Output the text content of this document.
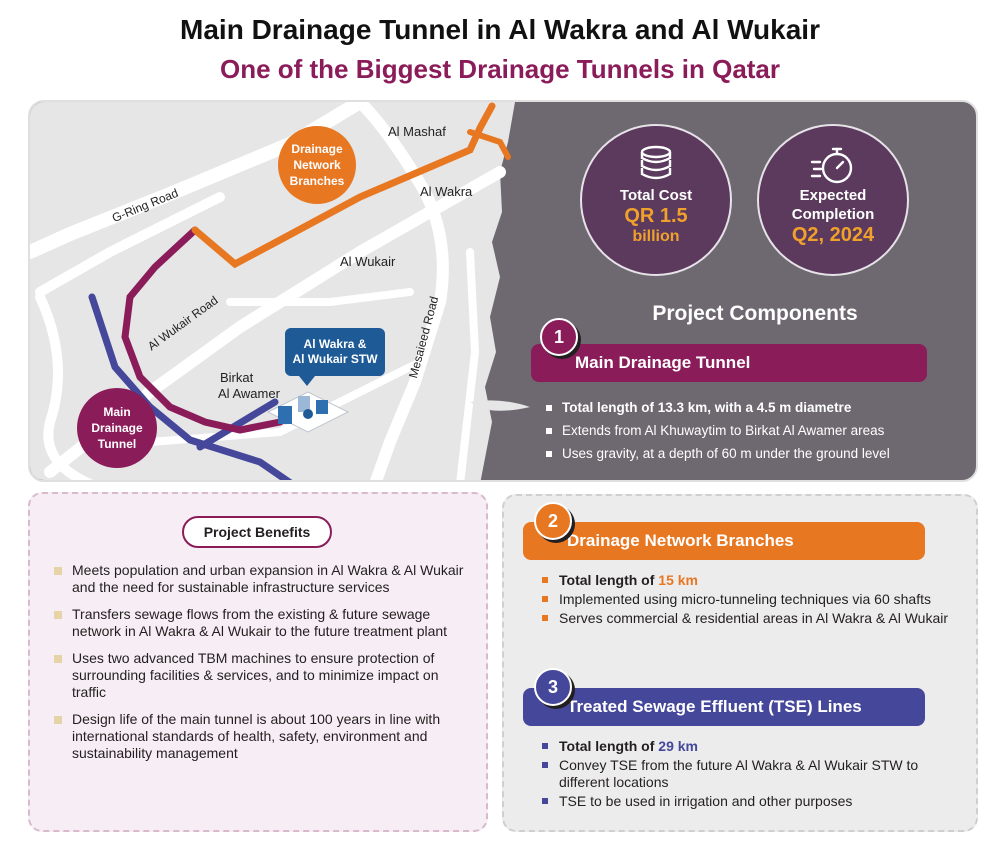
Main Drainage Tunnel in Al Wakra and Al Wukair
One of the Biggest Drainage Tunnels in Qatar
Al Mashaf
Al Wakra
Al Wukair
G-Ring Road
Al Wukair Road	Mesaieed Road
Birkat
Al Awamer
Drainage
Network
Branches
Main
Drainage
Tunnel
Al Wakra &
Al Wukair STW
Total Cost
QR 1.5
billion
Expected
Completion
Q2, 2024
Project Components
Main Drainage Tunnel
1
Total length of 13.3 km, with a 4.5 m diametre
Extends from Al Khuwaytim to Birkat Al Awamer areas
Uses gravity, at a depth of 60 m under the ground level
Project Benefits
Meets population and urban expansion in Al Wakra & Al Wukair and the need for sustainable infrastructure services
Transfers sewage flows from the existing & future sewage network in Al Wakra & Al Wukair to the future treatment plant
Uses two advanced TBM machines to ensure protection of surrounding facilities & services, and to minimize impact on traffic
Design life of the main tunnel is about 100 years in line with international standards of health, safety, environment and sustainability management
Drainage Network Branches
2
Total length of 15 km
Implemented using micro-tunneling techniques via 60 shafts
Serves commercial & residential areas in Al Wakra & Al Wukair
Treated Sewage Effluent (TSE) Lines
3
Total length of 29 km
Convey TSE from the future Al Wakra & Al Wukair STW to different locations
TSE to be used in irrigation and other purposes
